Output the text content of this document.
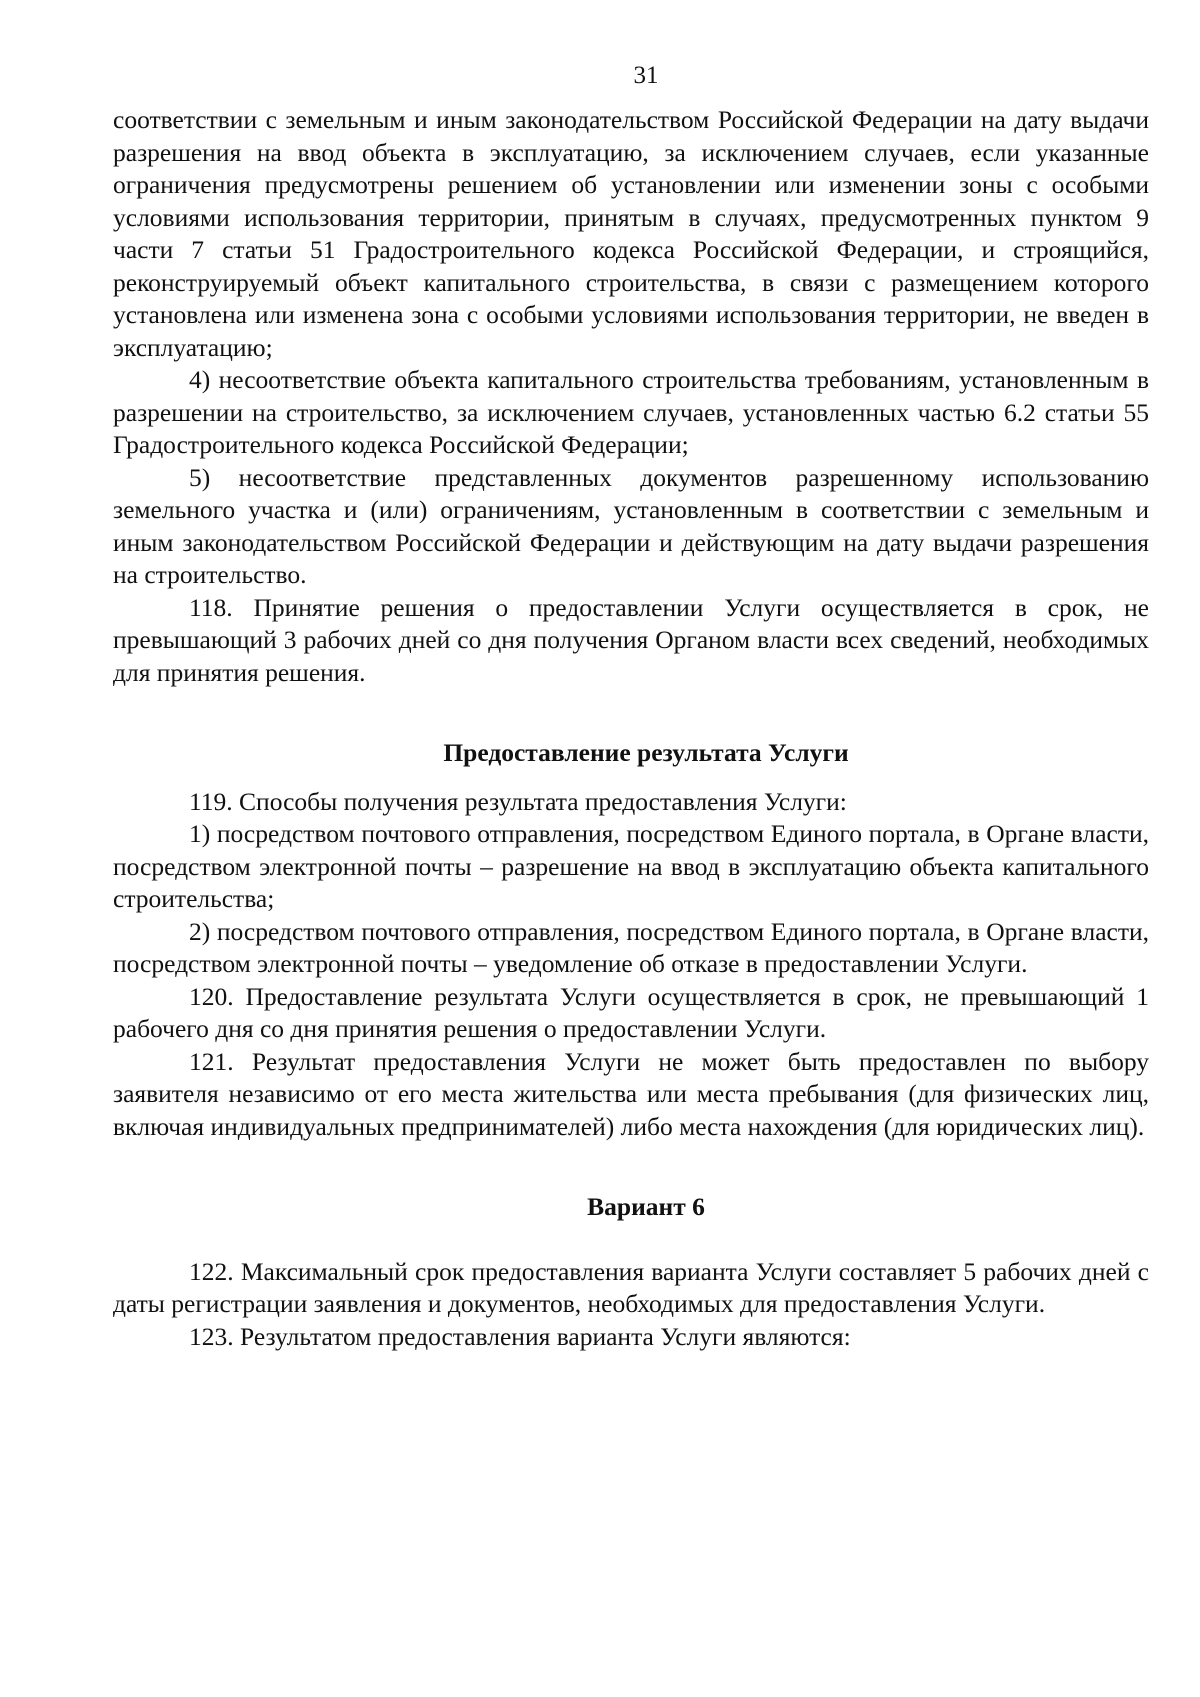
31

соответствии с земельным и иным законодательством Российской Федерации на дату выдачи разрешения на ввод объекта в эксплуатацию, за исключением случаев, если указанные ограничения предусмотрены решением об установлении или изменении зоны с особыми условиями использования территории, принятым в случаях, предусмотренных пунктом 9 части 7 статьи 51 Градостроительного кодекса Российской Федерации, и строящийся, реконструируемый объект капитального строительства, в связи с размещением которого установлена или изменена зона с особыми условиями использования территории, не введен в эксплуатацию;

4) несоответствие объекта капитального строительства требованиям, установленным в разрешении на строительство, за исключением случаев, установленных частью 6.2 статьи 55 Градостроительного кодекса Российской Федерации;

5) несоответствие представленных документов разрешенному использованию земельного участка и (или) ограничениям, установленным в соответствии с земельным и иным законодательством Российской Федерации и действующим на дату выдачи разрешения на строительство.

118. Принятие решения о предоставлении Услуги осуществляется в срок, не превышающий 3 рабочих дней со дня получения Органом власти всех сведений, необходимых для принятия решения.

Предоставление результата Услуги

119. Способы получения результата предоставления Услуги:

1) посредством почтового отправления, посредством Единого портала, в Органе власти, посредством электронной почты – разрешение на ввод в эксплуатацию объекта капитального строительства;

2) посредством почтового отправления, посредством Единого портала, в Органе власти, посредством электронной почты – уведомление об отказе в предоставлении Услуги.

120. Предоставление результата Услуги осуществляется в срок, не превышающий 1 рабочего дня со дня принятия решения о предоставлении Услуги.

121. Результат предоставления Услуги не может быть предоставлен по выбору заявителя независимо от его места жительства или места пребывания (для физических лиц, включая индивидуальных предпринимателей) либо места нахождения (для юридических лиц).

Вариант 6

122. Максимальный срок предоставления варианта Услуги составляет 5 рабочих дней с даты регистрации заявления и документов, необходимых для предоставления Услуги.

123. Результатом предоставления варианта Услуги являются:
